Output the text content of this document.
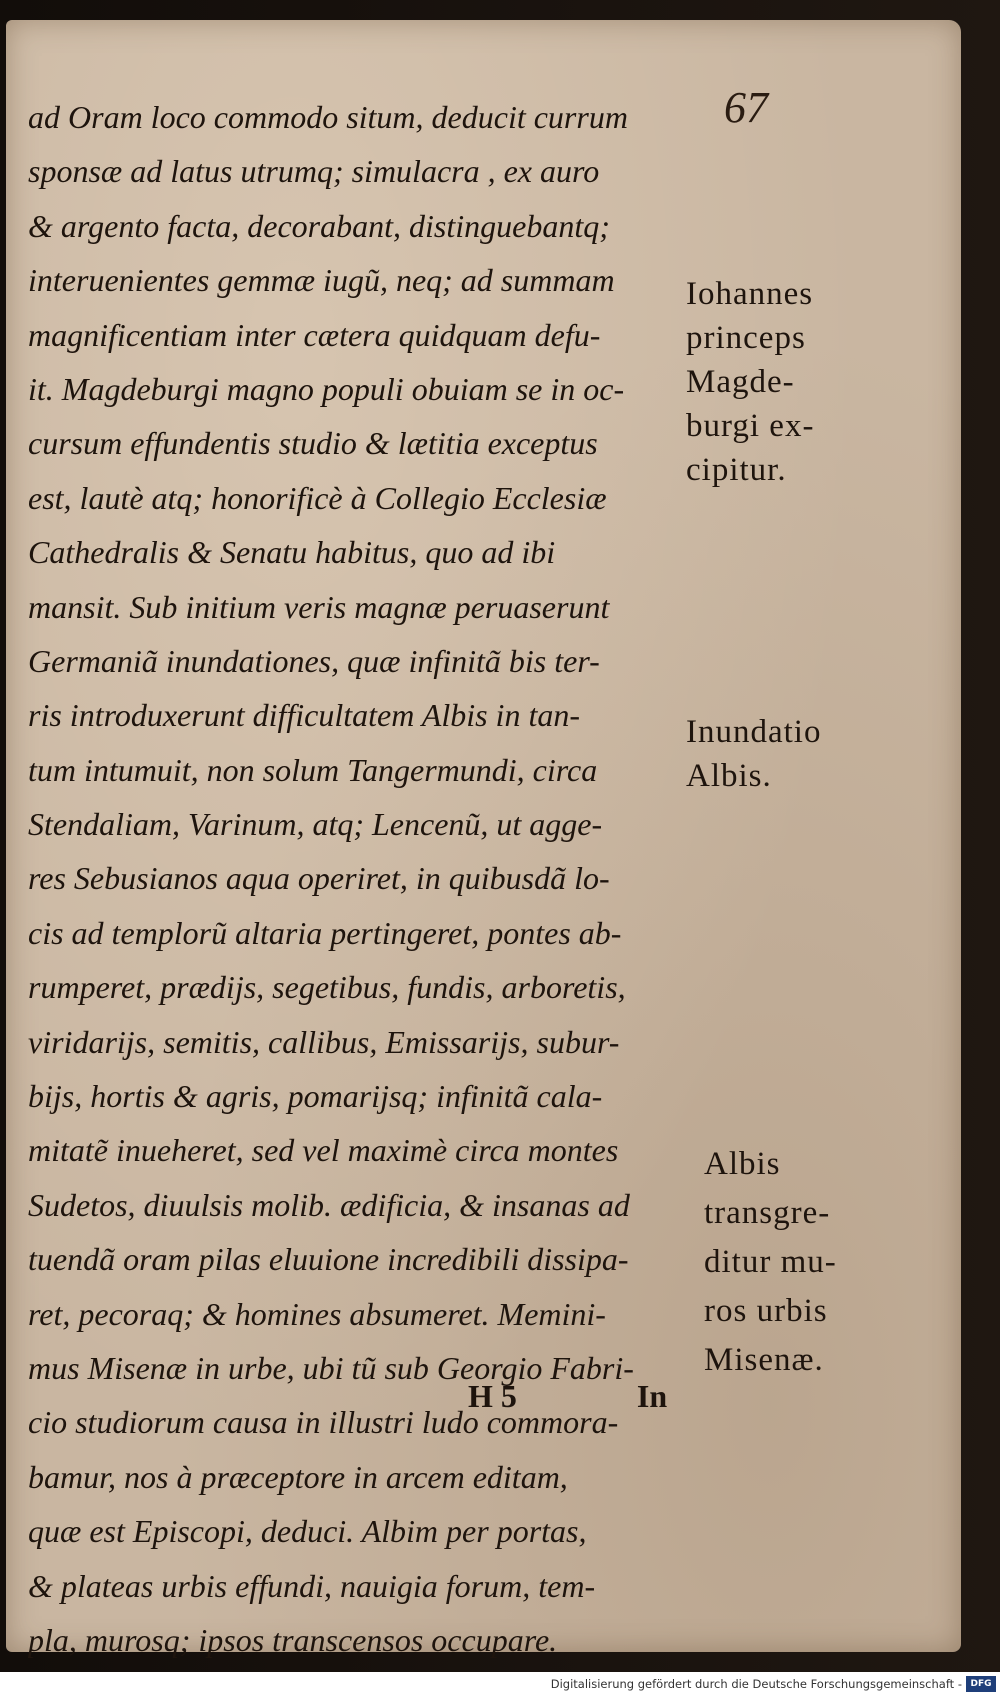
67
ad Oram loco commodo situm, deducit currum
sponsæ ad latus utrumq; simulacra , ex auro
& argento facta, decorabant, distinguebantq;
interuenientes gemmæ iugũ, neq; ad summam
magnificentiam inter cætera quidquam defu-
it. Magdeburgi magno populi obuiam se in oc-
cursum effundentis studio & lætitia exceptus
est, lautè atq; honorificè à Collegio Ecclesiæ
Cathedralis & Senatu habitus, quo ad ibi
mansit. Sub initium veris magnæ peruaserunt
Germaniã inundationes, quæ infinitã bis ter-
ris introduxerunt difficultatem Albis in tan-
tum intumuit, non solum Tangermundi, circa
Stendaliam, Varinum, atq; Lencenũ, ut agge-
res Sebusianos aqua operiret, in quibusdã lo-
cis ad templorũ altaria pertingeret, pontes ab-
rumperet, prædijs, segetibus, fundis, arboretis,
viridarijs, semitis, callibus, Emissarijs, subur-
bijs, hortis & agris, pomarijsq; infinitã cala-
mitatẽ inueheret, sed vel maximè circa montes
Sudetos, diuulsis molib. ædificia, & insanas ad
tuendã oram pilas eluuione incredibili dissipa-
ret, pecoraq; & homines absumeret. Memini-
mus Misenæ in urbe, ubi tũ sub Georgio Fabri-
cio studiorum causa in illustri ludo commora-
bamur, nos à præceptore in arcem editam,
quæ est Episcopi, deduci. Albim per portas,
& plateas urbis effundi, nauigia forum, tem-
pla, murosq; ipsos transcensos occupare.
Iohannes
princeps
Magde-
burgi ex-
cipitur.
Inundatio
Albis.
Albis
transgre-
ditur mu-
ros urbis
Misenæ.
H 5	In
Digitalisierung gefördert durch die Deutsche Forschungsgemeinschaft - DFG
